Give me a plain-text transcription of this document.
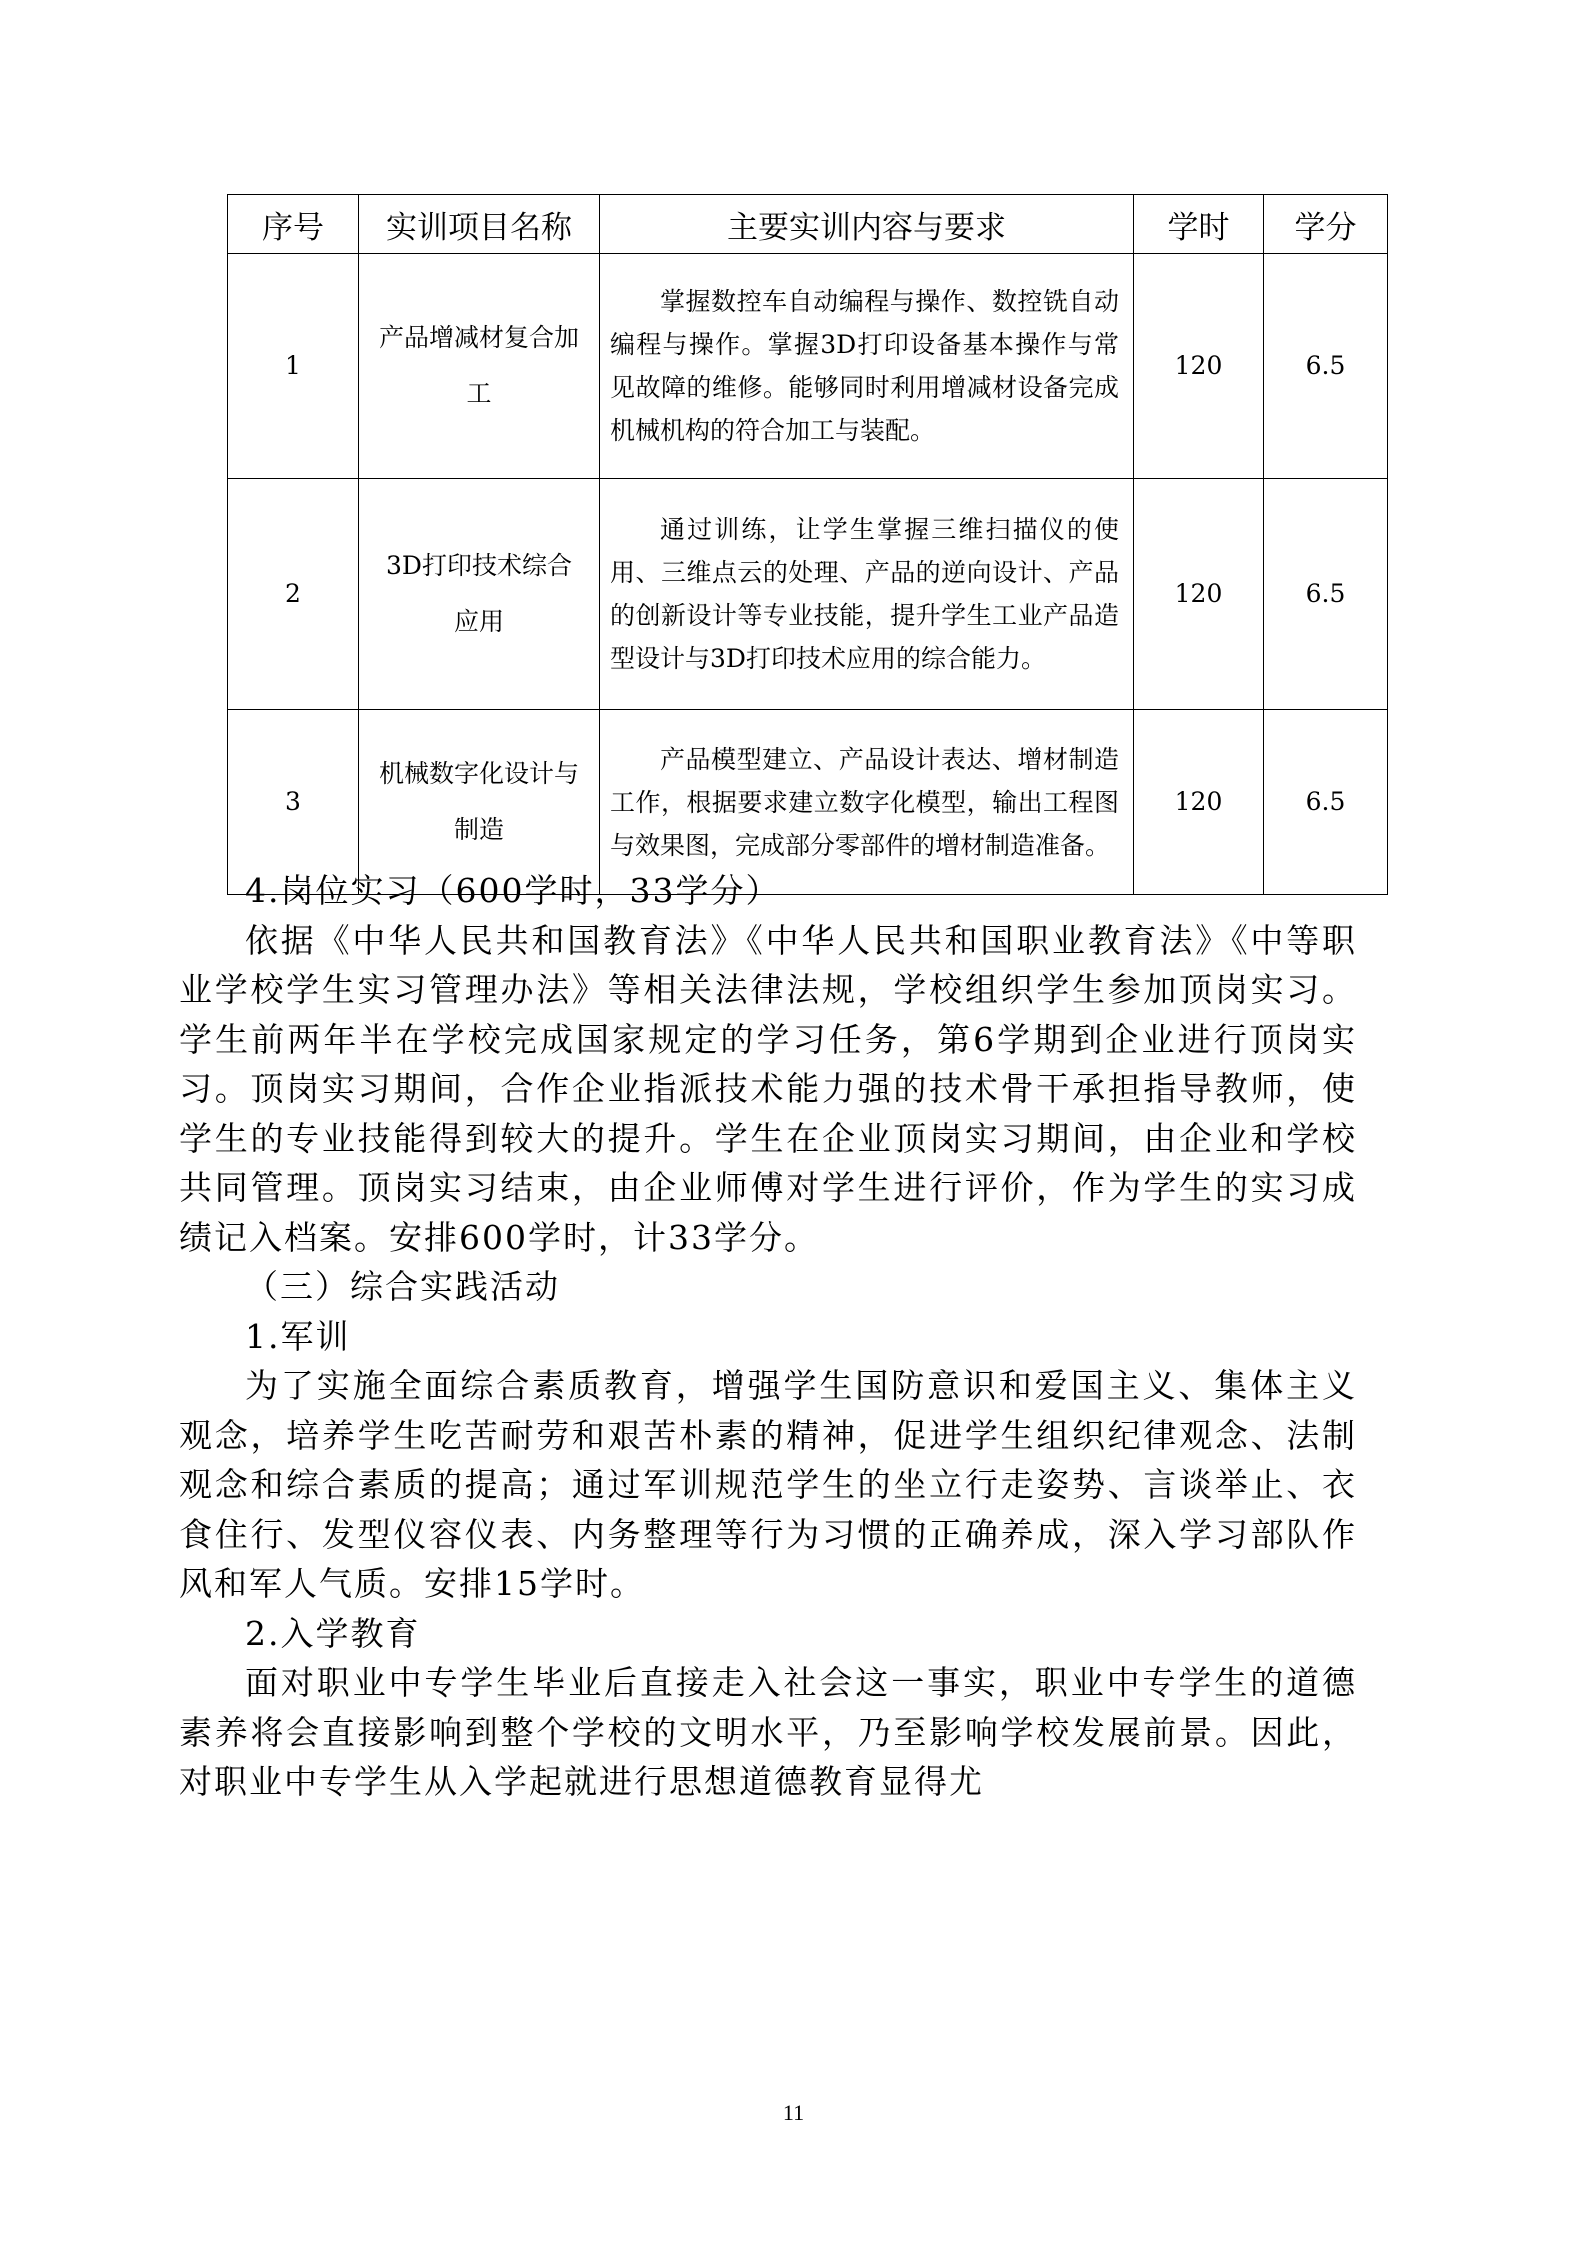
序号	实训项目名称	主要实训内容与要求	学时	学分
1	产品增减材复合加工	掌握数控车自动编程与操作、数控铣自动编程与操作。掌握3D打印设备基本操作与常见故障的维修。能够同时利用增减材设备完成机械机构的符合加工与装配。	120	6.5
2	3D打印技术综合应用	通过训练，让学生掌握三维扫描仪的使用、三维点云的处理、产品的逆向设计、产品的创新设计等专业技能，提升学生工业产品造型设计与3D打印技术应用的综合能力。	120	6.5
3	机械数字化设计与制造	产品模型建立、产品设计表达、增材制造工作，根据要求建立数字化模型，输出工程图与效果图，完成部分零部件的增材制造准备。	120	6.5

4.岗位实习（600学时，33学分）

依据《中华人民共和国教育法》《中华人民共和国职业教育法》《中等职业学校学生实习管理办法》等相关法律法规，学校组织学生参加顶岗实习。学生前两年半在学校完成国家规定的学习任务，第6学期到企业进行顶岗实习。顶岗实习期间，合作企业指派技术能力强的技术骨干承担指导教师，使学生的专业技能得到较大的提升。学生在企业顶岗实习期间，由企业和学校共同管理。顶岗实习结束，由企业师傅对学生进行评价，作为学生的实习成绩记入档案。安排600学时，计33学分。

（三）综合实践活动

1.军训

为了实施全面综合素质教育，增强学生国防意识和爱国主义、集体主义观念，培养学生吃苦耐劳和艰苦朴素的精神，促进学生组织纪律观念、法制观念和综合素质的提高；通过军训规范学生的坐立行走姿势、言谈举止、衣食住行、发型仪容仪表、内务整理等行为习惯的正确养成，深入学习部队作风和军人气质。安排15学时。

2.入学教育

面对职业中专学生毕业后直接走入社会这一事实，职业中专学生的道德素养将会直接影响到整个学校的文明水平，乃至影响学校发展前景。因此，对职业中专学生从入学起就进行思想道德教育显得尤

11
